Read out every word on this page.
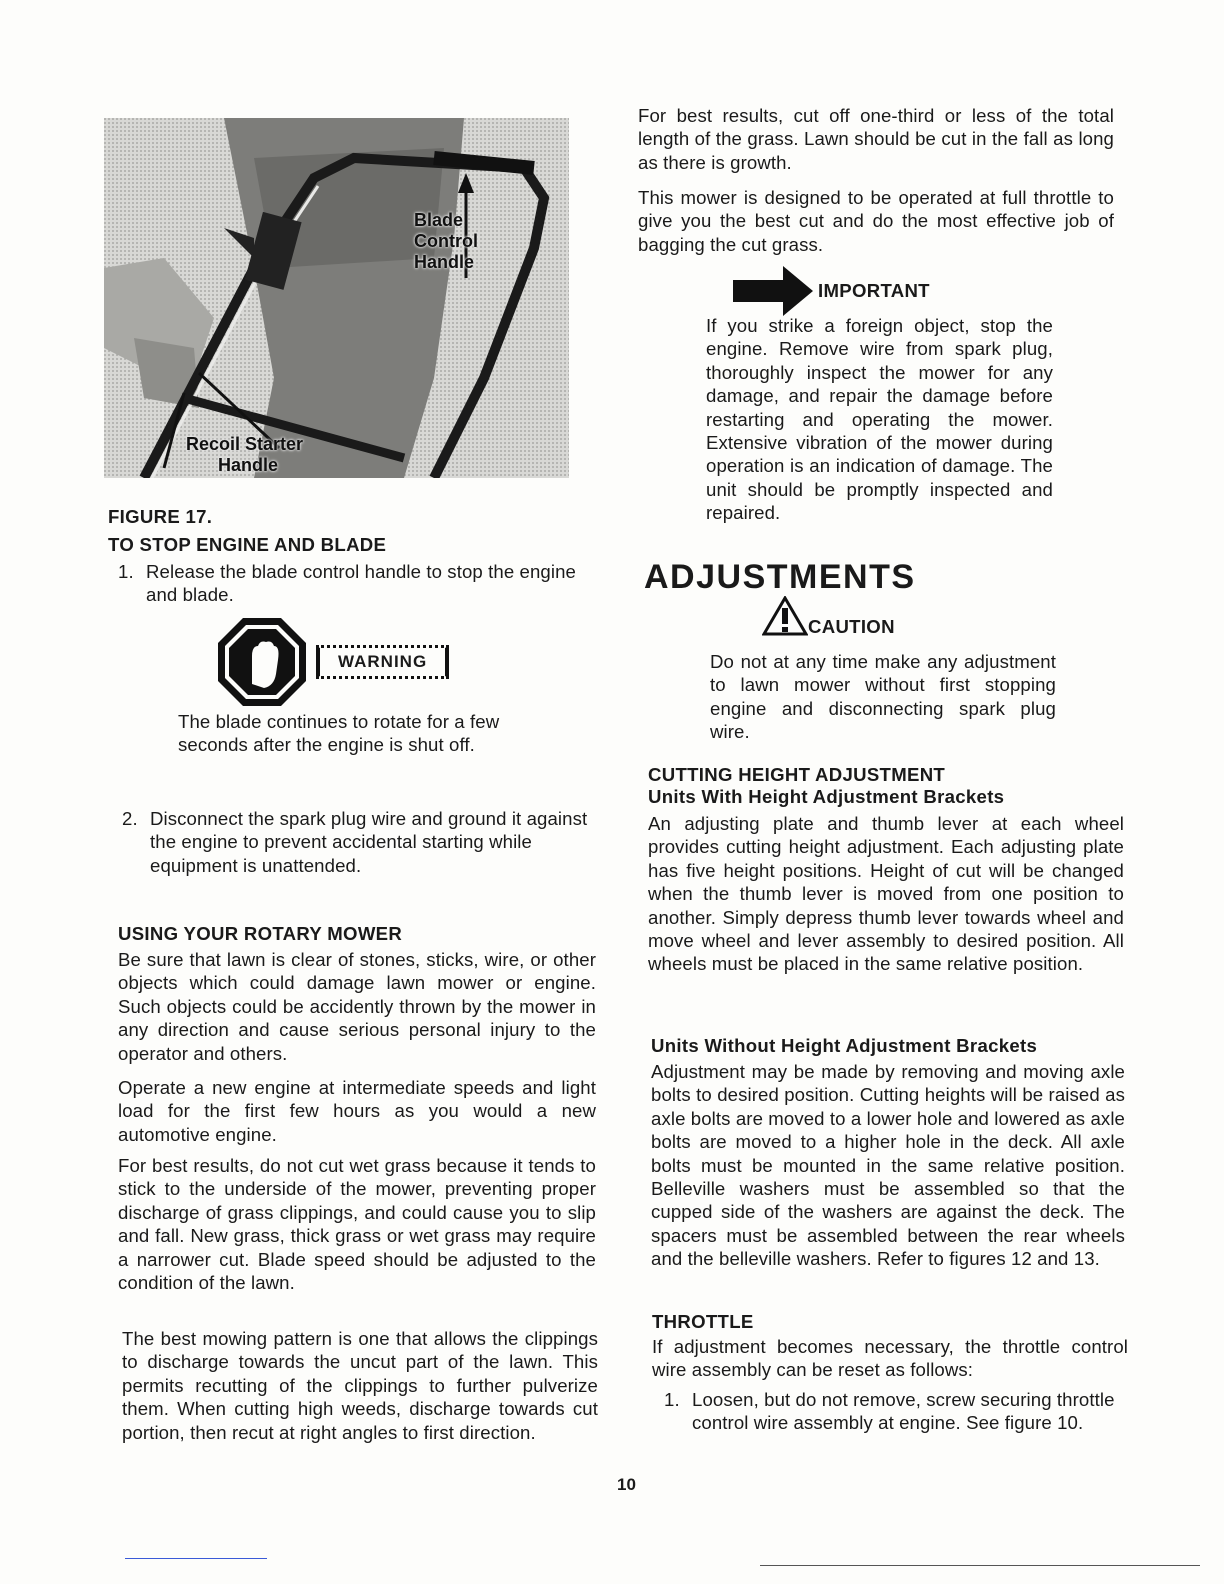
Blade
Control
Handle
Recoil Starter
Handle

FIGURE 17.

TO STOP ENGINE AND BLADE

1. Release the blade control handle to stop the engine and blade.

WARNING

The blade continues to rotate for a few seconds after the engine is shut off.

2. Disconnect the spark plug wire and ground it against the engine to prevent accidental starting while equipment is unattended.

USING YOUR ROTARY MOWER

Be sure that lawn is clear of stones, sticks, wire, or other objects which could damage lawn mower or engine. Such objects could be accidently thrown by the mower in any direction and cause serious personal injury to the operator and others.

Operate a new engine at intermediate speeds and light load for the first few hours as you would a new automotive engine.

For best results, do not cut wet grass because it tends to stick to the underside of the mower, preventing proper discharge of grass clippings, and could cause you to slip and fall. New grass, thick grass or wet grass may require a narrower cut. Blade speed should be adjusted to the condition of the lawn.

The best mowing pattern is one that allows the clippings to discharge towards the uncut part of the lawn. This permits recutting of the clippings to further pulverize them. When cutting high weeds, discharge towards cut portion, then recut at right angles to first direction.

For best results, cut off one-third or less of the total length of the grass. Lawn should be cut in the fall as long as there is growth.

This mower is designed to be operated at full throttle to give you the best cut and do the most effective job of bagging the cut grass.

IMPORTANT

If you strike a foreign object, stop the engine. Remove wire from spark plug, thoroughly inspect the mower for any damage, and repair the damage before restarting and operating the mower. Extensive vibration of the mower during operation is an indication of damage. The unit should be promptly inspected and repaired.

ADJUSTMENTS

CAUTION

Do not at any time make any adjustment to lawn mower without first stopping engine and disconnecting spark plug wire.

CUTTING HEIGHT ADJUSTMENT

Units With Height Adjustment Brackets

An adjusting plate and thumb lever at each wheel provides cutting height adjustment. Each adjusting plate has five height positions. Height of cut will be changed when the thumb lever is moved from one position to another. Simply depress thumb lever towards wheel and move wheel and lever assembly to desired position. All wheels must be placed in the same relative position.

Units Without Height Adjustment Brackets

Adjustment may be made by removing and moving axle bolts to desired position. Cutting heights will be raised as axle bolts are moved to a lower hole and lowered as axle bolts are moved to a higher hole in the deck. All axle bolts must be mounted in the same relative position. Belleville washers must be assembled so that the cupped side of the washers are against the deck. The spacers must be assembled between the rear wheels and the belleville washers. Refer to figures 12 and 13.

THROTTLE

If adjustment becomes necessary, the throttle control wire assembly can be reset as follows:

1. Loosen, but do not remove, screw securing throttle control wire assembly at engine. See figure 10.

10
